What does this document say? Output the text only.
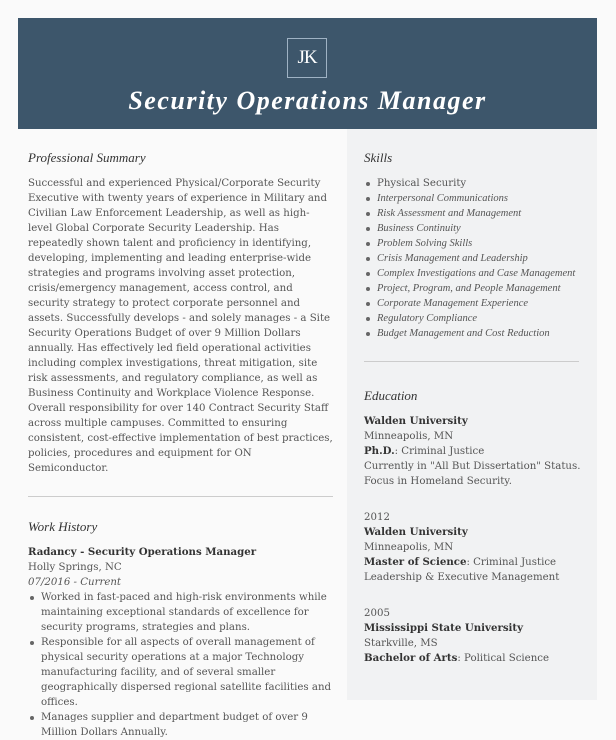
JK
Security Operations Manager
Professional Summary

Successful and experienced Physical/Corporate Security Executive with twenty years of experience in Military and Civilian Law Enforcement Leadership, as well as high-level Global Corporate Security Leadership. Has repeatedly shown talent and proficiency in identifying, developing, implementing and leading enterprise-wide strategies and programs involving asset protection, crisis/emergency management, access control, and security strategy to protect corporate personnel and assets. Successfully develops - and solely manages - a Site Security Operations Budget of over 9 Million Dollars annually. Has effectively led field operational activities including complex investigations, threat mitigation, site risk assessments, and regulatory compliance, as well as Business Continuity and Workplace Violence Response. Overall responsibility for over 140 Contract Security Staff across multiple campuses. Committed to ensuring consistent, cost-effective implementation of best practices, policies, procedures and equipment for ON Semiconductor.

Work History
Radancy - Security Operations Manager
Holly Springs, NC
07/2016 - Current
Worked in fast-paced and high-risk environments while maintaining exceptional standards of excellence for security programs, strategies and plans.
Responsible for all aspects of overall management of physical security operations at a major Technology manufacturing facility, and of several smaller geographically dispersed regional satellite facilities and offices.
Manages supplier and department budget of over 9 Million Dollars Annually.
Skills
Physical Security
Interpersonal Communications
Risk Assessment and Management
Business Continuity
Problem Solving Skills
Crisis Management and Leadership
Complex Investigations and Case Management
Project, Program, and People Management
Corporate Management Experience
Regulatory Compliance
Budget Management and Cost Reduction
Education
Walden University
Minneapolis, MN
Ph.D.: Criminal Justice
Currently in "All But Dissertation" Status.
Focus in Homeland Security.
2012
Walden University
Minneapolis, MN
Master of Science: Criminal Justice
Leadership & Executive Management
2005
Mississippi State University
Starkville, MS
Bachelor of Arts: Political Science
